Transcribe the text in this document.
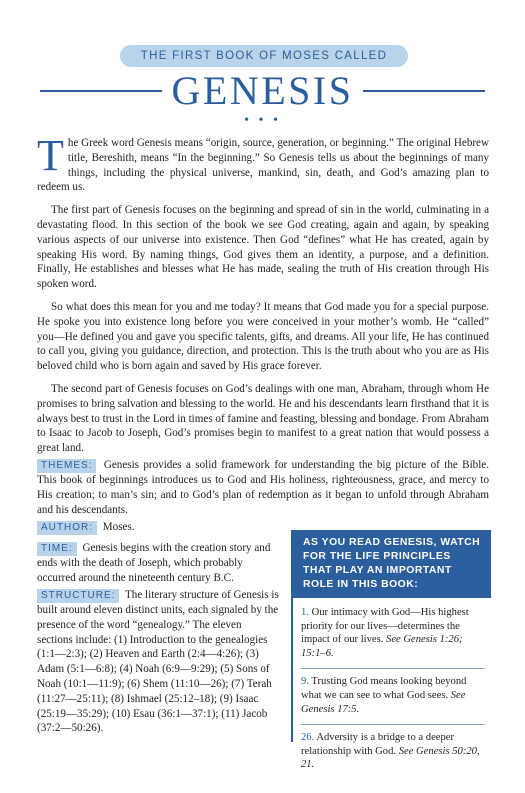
THE FIRST BOOK OF MOSES CALLED
GENESIS
• • •

The Greek word Genesis means “origin, source, generation, or beginning.” The original Hebrew title, Bereshith, means “In the beginning.” So Genesis tells us about the beginnings of many things, including the physical universe, mankind, sin, death, and God’s amazing plan to redeem us.

The first part of Genesis focuses on the beginning and spread of sin in the world, culminating in a devastating flood. In this section of the book we see God creating, again and again, by speaking various aspects of our universe into existence. Then God “defines” what He has created, again by speaking His word. By naming things, God gives them an identity, a purpose, and a definition. Finally, He establishes and blesses what He has made, sealing the truth of His creation through His spoken word.

So what does this mean for you and me today? It means that God made you for a special purpose. He spoke you into existence long before you were conceived in your mother’s womb. He “called” you—He defined you and gave you specific talents, gifts, and dreams. All your life, He has continued to call you, giving you guidance, direction, and protection. This is the truth about who you are as His beloved child who is born again and saved by His grace forever.

The second part of Genesis focuses on God’s dealings with one man, Abraham, through whom He promises to bring salvation and blessing to the world. He and his descendants learn firsthand that it is always best to trust in the Lord in times of famine and feasting, blessing and bondage. From Abraham to Isaac to Jacob to Joseph, God’s promises begin to manifest to a great nation that would possess a great land.

THEMES: Genesis provides a solid framework for understanding the big picture of the Bible. This book of beginnings introduces us to God and His holiness, righteousness, grace, and mercy to His creation; to man’s sin; and to God’s plan of redemption as it began to unfold through Abraham and his descendants.
AUTHOR: Moses.
TIME: Genesis begins with the creation story and ends with the death of Joseph, which probably occurred around the nineteenth century B.C.
STRUCTURE: The literary structure of Genesis is built around eleven distinct units, each signaled by the presence of the word “genealogy.” The eleven sections include: (1) Introduction to the genealogies (1:1—2:3); (2) Heaven and Earth (2:4—4:26); (3) Adam (5:1—6:8); (4) Noah (6:9—9:29); (5) Sons of Noah (10:1—11:9); (6) Shem (11:10—26); (7) Terah (11:27—25:11); (8) Ishmael (25:12–18); (9) Isaac (25:19—35:29); (10) Esau (36:1—37:1); (11) Jacob (37:2—50:26).
AS YOU READ GENESIS, WATCH FOR THE LIFE PRINCIPLES THAT PLAY AN IMPORTANT ROLE IN THIS BOOK:
1. Our intimacy with God—His highest priority for our lives—determines the impact of our lives. See Genesis 1:26; 15:1–6.
9. Trusting God means looking beyond what we can see to what God sees. See Genesis 17:5.
26. Adversity is a bridge to a deeper relationship with God. See Genesis 50:20, 21.
